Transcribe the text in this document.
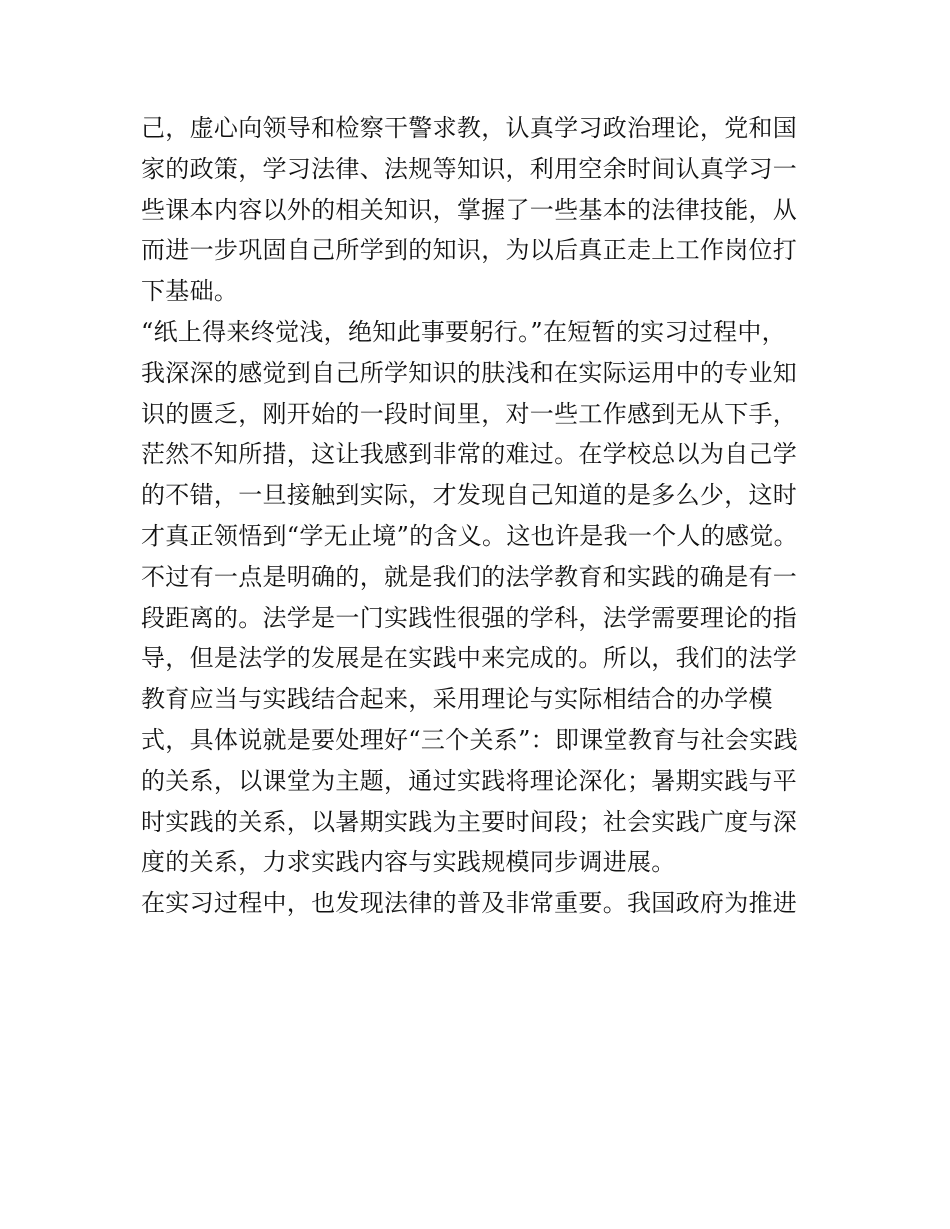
己，虚心向领导和检察干警求教，认真学习政治理论，党和国
家的政策，学习法律、法规等知识，利用空余时间认真学习一
些课本内容以外的相关知识，掌握了一些基本的法律技能，从
而进一步巩固自己所学到的知识，为以后真正走上工作岗位打
下基础。
“纸上得来终觉浅，绝知此事要躬行。”在短暂的实习过程中，
我深深的感觉到自己所学知识的肤浅和在实际运用中的专业知
识的匮乏，刚开始的一段时间里，对一些工作感到无从下手，
茫然不知所措，这让我感到非常的难过。在学校总以为自己学
的不错，一旦接触到实际，才发现自己知道的是多么少，这时
才真正领悟到“学无止境”的含义。这也许是我一个人的感觉。
不过有一点是明确的，就是我们的法学教育和实践的确是有一
段距离的。法学是一门实践性很强的学科，法学需要理论的指
导，但是法学的发展是在实践中来完成的。所以，我们的法学
教育应当与实践结合起来，采用理论与实际相结合的办学模
式，具体说就是要处理好“三个关系”：即课堂教育与社会实践
的关系，以课堂为主题，通过实践将理论深化；暑期实践与平
时实践的关系，以暑期实践为主要时间段；社会实践广度与深
度的关系，力求实践内容与实践规模同步调进展。
在实习过程中，也发现法律的普及非常重要。我国政府为推进
